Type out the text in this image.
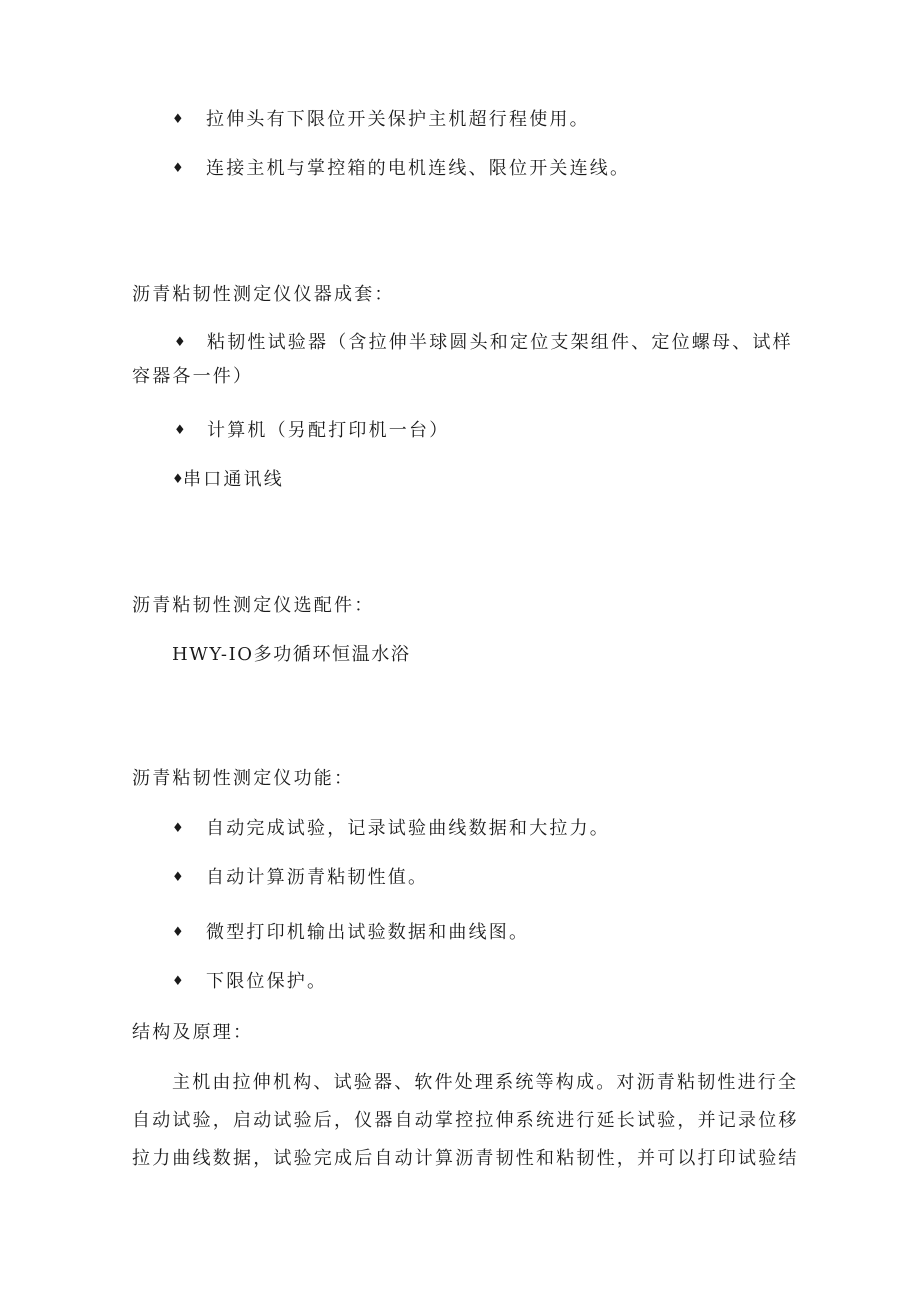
♦ 拉伸头有下限位开关保护主机超行程使用。
♦ 连接主机与掌控箱的电机连线、限位开关连线。
沥青粘韧性测定仪仪器成套：
♦ 粘韧性试验器（含拉伸半球圆头和定位支架组件、定位螺母、试样
容器各一件）
♦ 计算机（另配打印机一台）
♦
串口通讯线
沥青粘韧性测定仪选配件：
HWY-IO多功循环恒温水浴
沥青粘韧性测定仪功能：
♦ 自动完成试验，记录试验曲线数据和大拉力。
♦ 自动计算沥青粘韧性值。
♦ 微型打印机输出试验数据和曲线图。
♦ 下限位保护。
结构及原理：
主机由拉伸机构、试验器、软件处理系统等构成。对沥青粘韧性进行全
自动试验，启动试验后，仪器自动掌控拉伸系统进行延长试验，并记录位移
拉力曲线数据，试验完成后自动计算沥青韧性和粘韧性，并可以打印试验结
